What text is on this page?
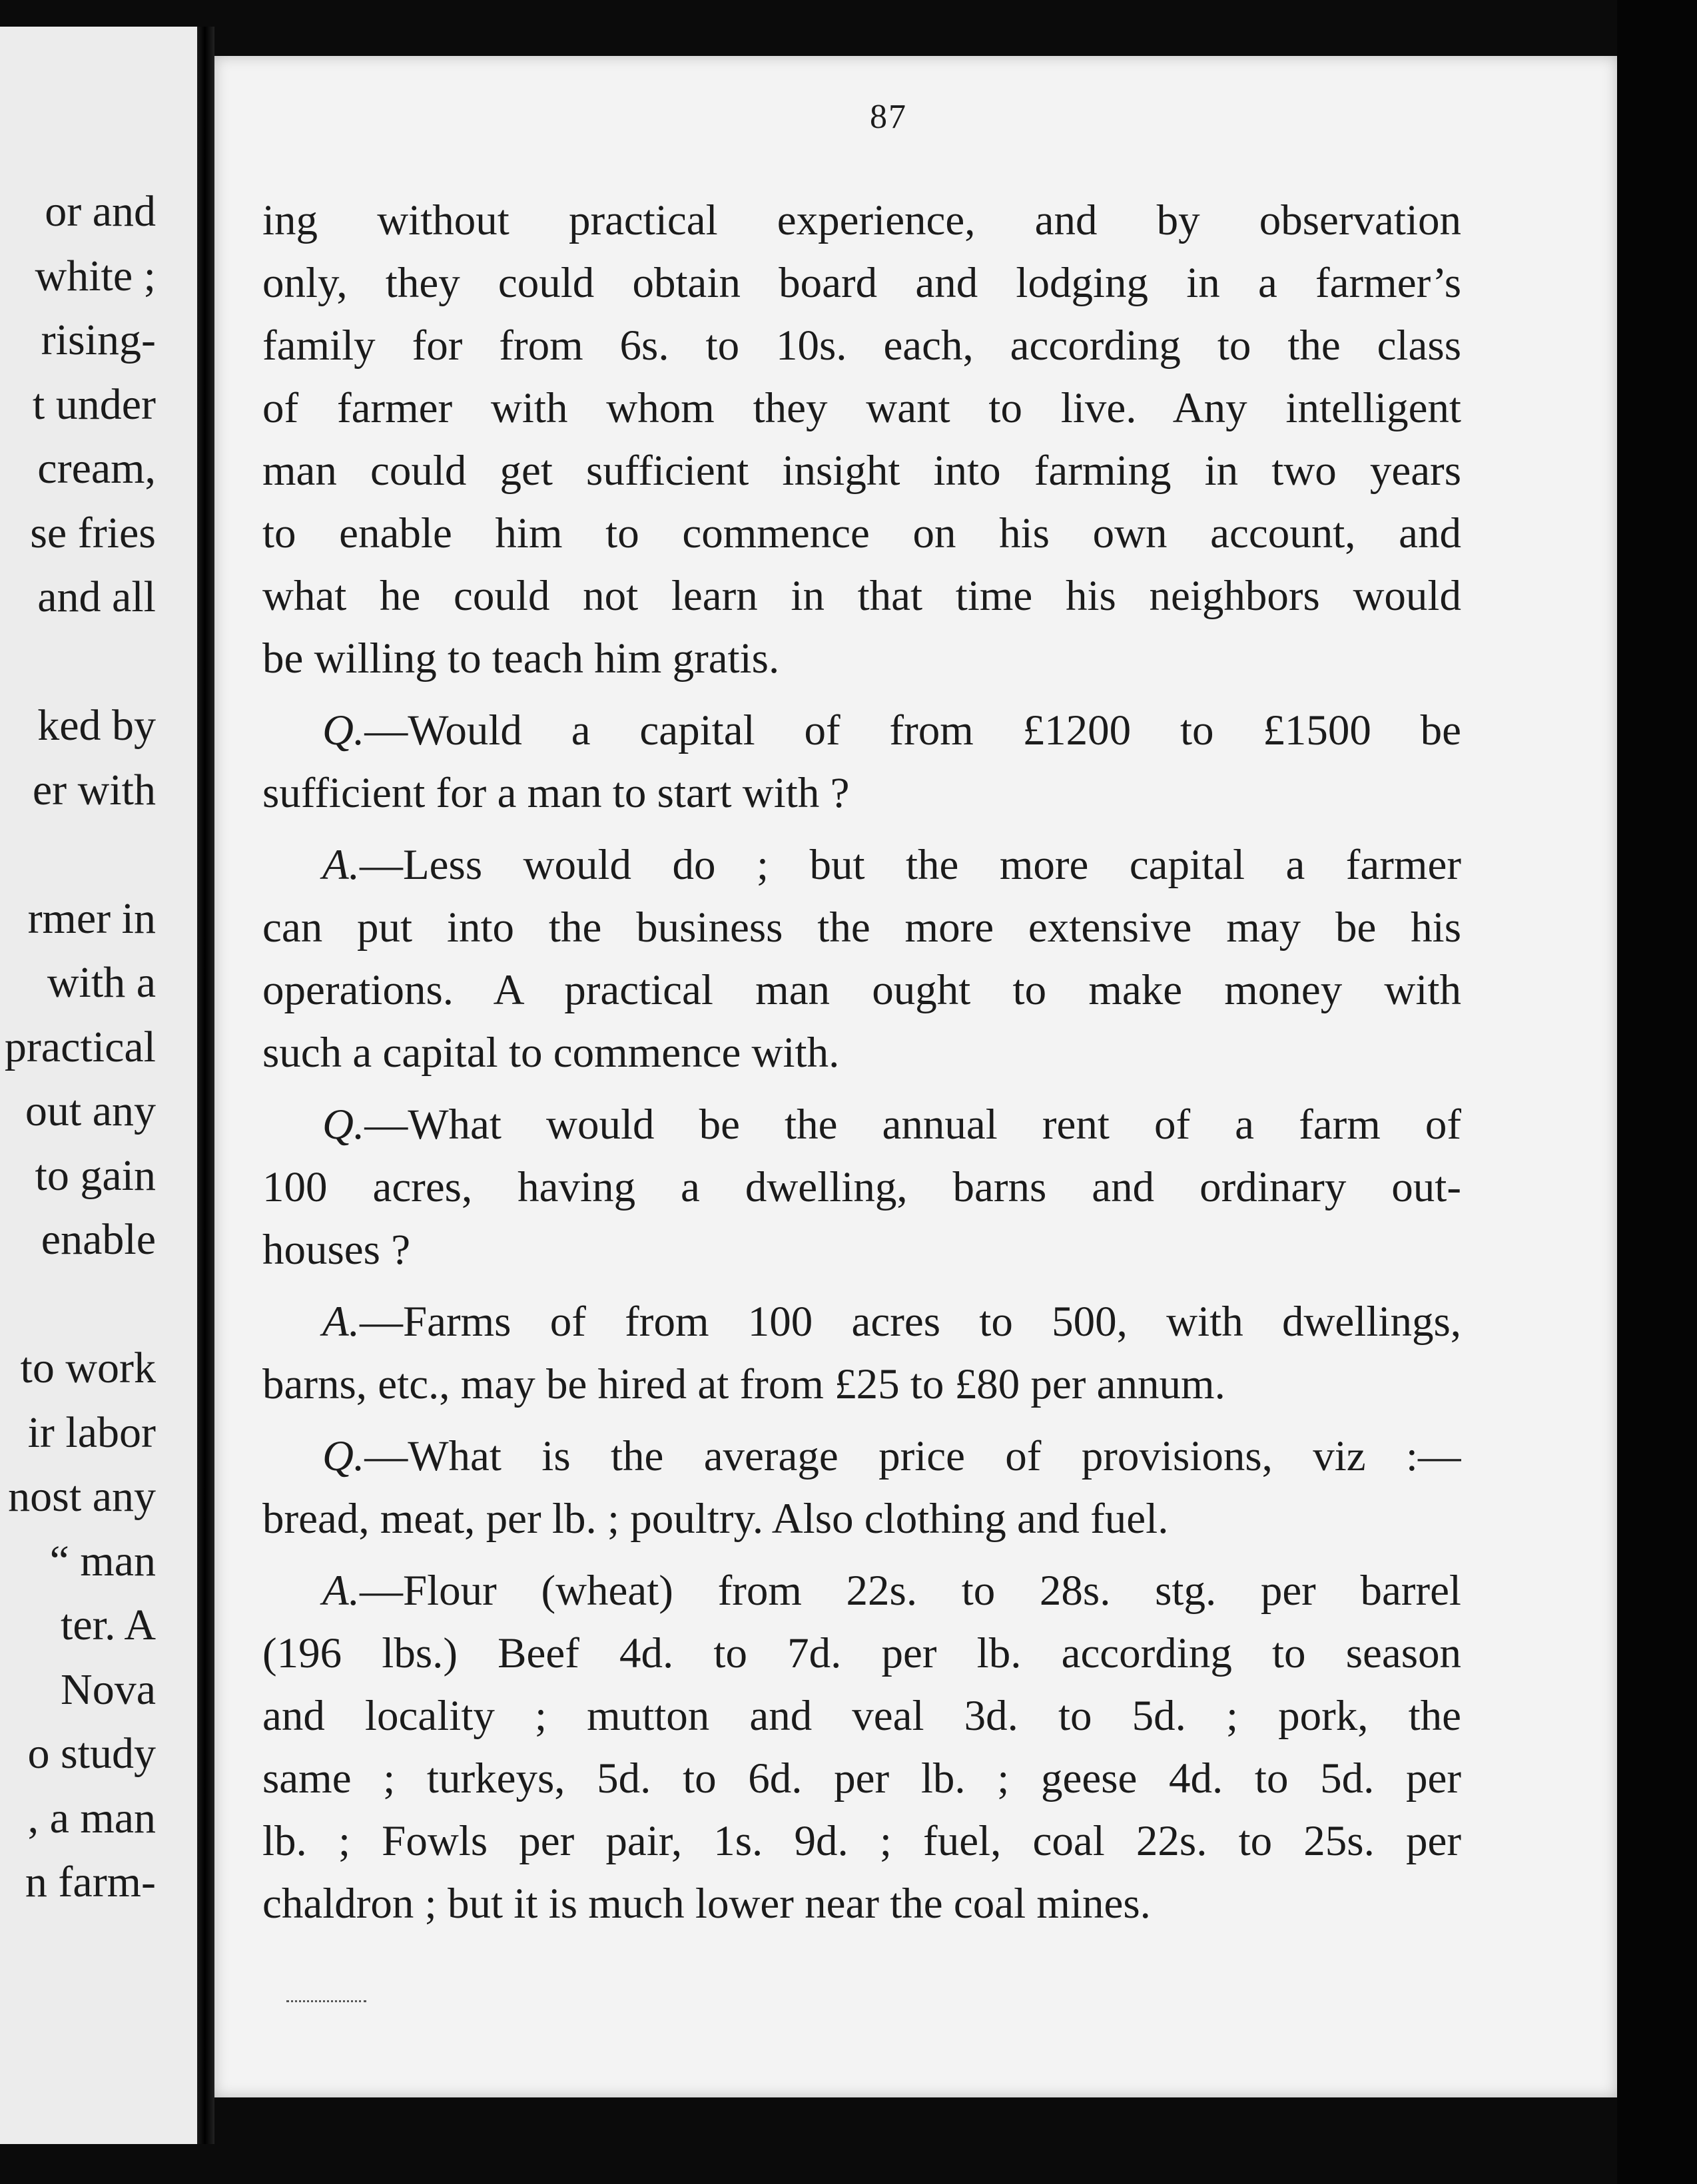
or and
white ;
rising-
t under
cream,
se fries
and all
ked by
er with
rmer in
with a
practical
out any
to gain
enable
to work
ir labor
nost any
“ man
ter. A
Nova
o study
, a man
n farm-
87
ing without practical experience, and by observation
only, they could obtain board and lodging in a farmer’s
family for from 6s. to 10s. each, according to the class
of farmer with whom they want to live. Any intelligent
man could get sufficient insight into farming in two years
to enable him to commence on his own account, and
what he could not learn in that time his neighbors would
be willing to teach him gratis.
Q.—Would a capital of from £1200 to £1500 be
sufficient for a man to start with ?
A.—Less would do ; but the more capital a farmer
can put into the business the more extensive may be his
operations. A practical man ought to make money with
such a capital to commence with.
Q.—What would be the annual rent of a farm of
100 acres, having a dwelling, barns and ordinary out-
houses ?
A.—Farms of from 100 acres to 500, with dwellings,
barns, etc., may be hired at from £25 to £80 per annum.
Q.—What is the average price of provisions, viz :—
bread, meat, per lb. ; poultry. Also clothing and fuel.
A.—Flour (wheat) from 22s. to 28s. stg. per barrel
(196 lbs.) Beef 4d. to 7d. per lb. according to season
and locality ; mutton and veal 3d. to 5d. ; pork, the
same ; turkeys, 5d. to 6d. per lb. ; geese 4d. to 5d. per
lb. ; Fowls per pair, 1s. 9d. ; fuel, coal 22s. to 25s. per
chaldron ; but it is much lower near the coal mines.
